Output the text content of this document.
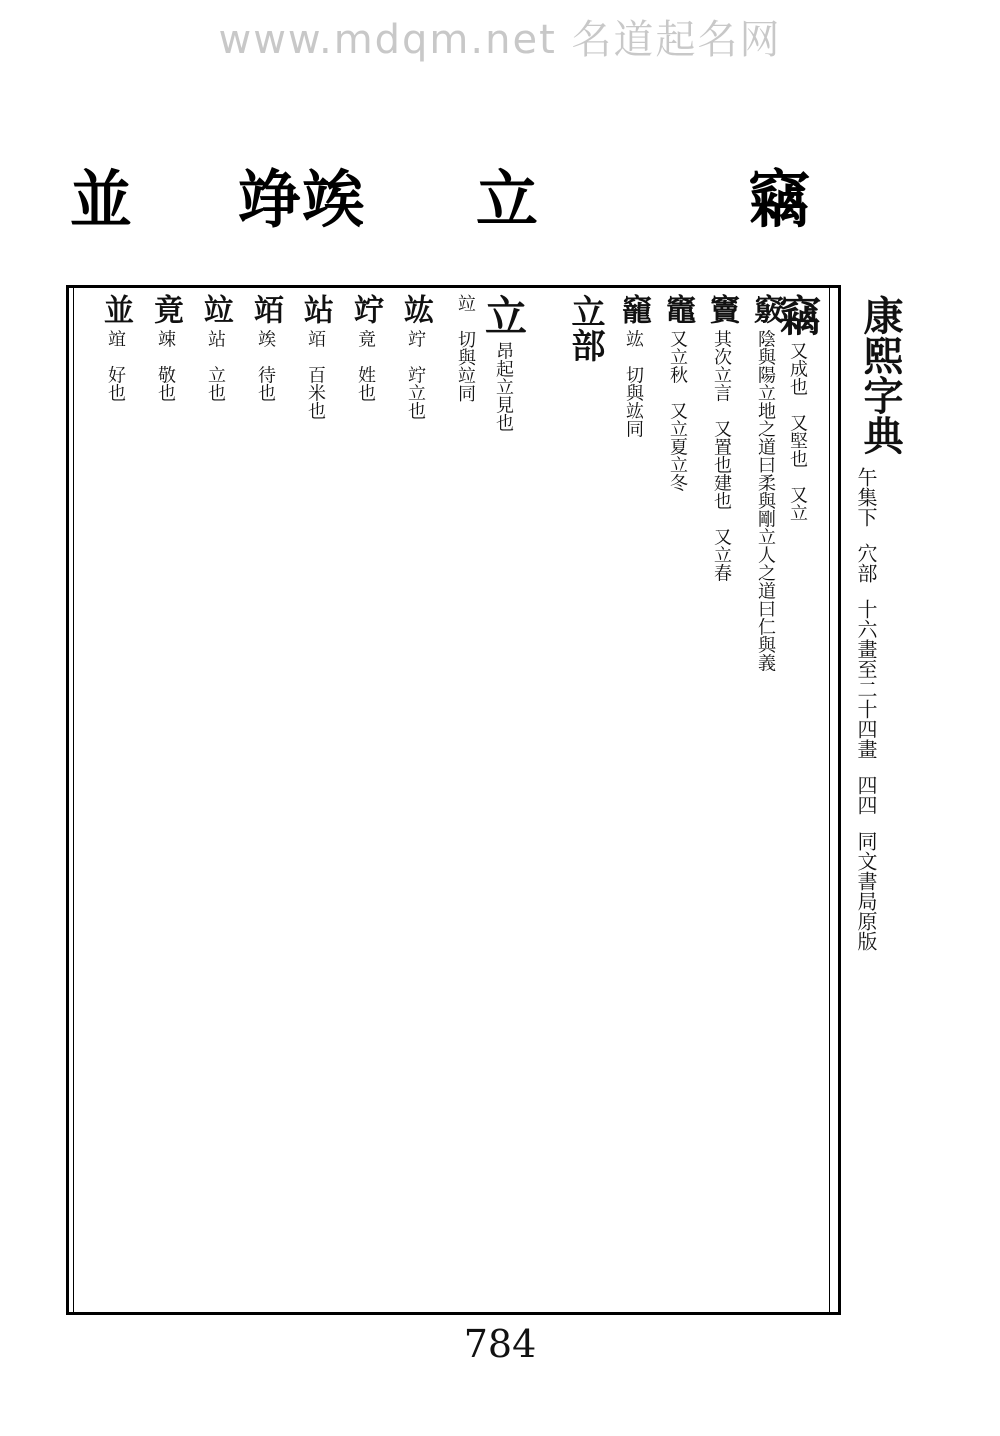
www.mdqm.net 名道起名网
並 竫竢 立	竊
竊 又成也　又堅也　又立
竅 陰與陽立地之道曰柔與剛立人之道曰仁與義
竇 其次立言　又置也建也　又立春
竈 又立秋　又立夏立冬
竉 竑　切與竑同
立部
立 昂起立見也
竝　切與竝同
竑 竚　竚立也
竚 竟　姓也
站 竡　百米也
竡 竢　待也
竝 站　立也
竟 竦　敬也
並 竩　好也	康熙字典
午集下
穴部
十六畫至二十四畫
四四
同文書局原版
784
